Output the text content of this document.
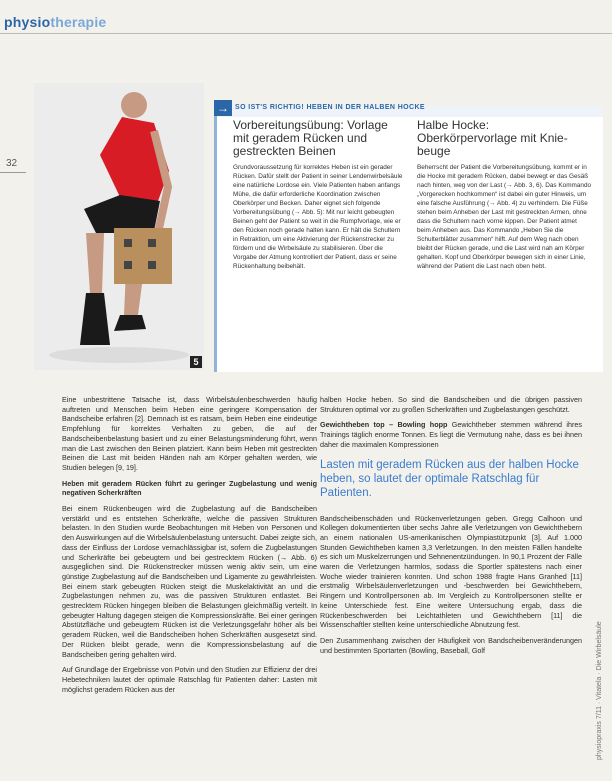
physiotherapie
32
5
→ SO IST'S RICHTIG! HEBEN IN DER HALBEN HOCKE
Vorbereitungsübung: Vorlage mit geradem Rücken und gestreckten Beinen

Grundvoraussetzung für korrektes Heben ist ein gerader Rücken. Dafür stellt der Patient in seiner Lendenwirbelsäule eine natürliche Lordose ein. Viele Patienten haben anfangs Mühe, die dafür erforderliche Koordination zwischen Oberkörper und Becken. Daher eignet sich folgende Vorbereitungsübung (→ Abb. 5): Mit nur leicht gebeugten Beinen geht der Patient so weit in die Rumpfvorlage, wie er den Rücken noch gerade halten kann. Er hält die Schultern in Retraktion, um eine Aktivierung der Rückenstrecker zu fördern und die Wirbelsäule zu stabilisieren. Über die Vorgabe der Atmung kontrolliert der Patient, dass er seine Rückenhaltung beibehält.

Halbe Hocke: Oberkörpervorlage mit Kniebeuge

Beherrscht der Patient die Vorbereitungsübung, kommt er in die Hocke mit geradem Rücken, dabei bewegt er das Gesäß nach hinten, weg von der Last (→ Abb. 3, 6). Das Kommando „Vorgerecken hochkommen“ ist dabei ein guter Hinweis, um eine falsche Ausführung (→ Abb. 4) zu verhindern. Die Füße stehen beim Anheben der Last mit gestreckten Armen, ohne dass die Schultern nach vorne kippen. Der Patient atmet beim Anheben aus. Das Kommando „Heben Sie die Schulterblätter zusammen“ hilft. Auf dem Weg nach oben bleibt der Rücken gerade, und die Last wird nah am Körper gehalten. Kopf und Oberkörper bewegen sich in einer Linie, während der Patient die Last nach oben hebt.

Eine unbestrittene Tatsache ist, dass Wirbelsäulenbeschwerden häufig auftreten und Menschen beim Heben eine geringere Kompensation der Bandscheibe erfahren [2]. Demnach ist es ratsam, beim Heben eine eindeutige Empfehlung für korrektes Verhalten zu geben, die auf der Bandscheibenbelastung basiert und zu einer Belastungsminderung führt, wenn man die Last zwischen den Beinen platziert. Kann beim Heben mit gestreckten Beinen die Last mit beiden Händen nah am Körper gehalten werden, wie Studien belegen [9, 19].

Heben mit geradem Rücken führt zu geringer Zugbelastung und wenig negativen Scherkräften

Bei einem Rückenbeugen wird die Zugbelastung auf die Bandscheiben verstärkt und es entstehen Scherkräfte, welche die passiven Strukturen belasten. In den Studien wurde Beobachtungen mit Heben von Personen und den Auswirkungen auf die Wirbelsäulenbelastung untersucht. Dabei zeigte sich, dass der Einfluss der Lordose vernachlässigbar ist, sofern die Zugbelastungen und Scherkräfte bei gebeugtem und bei gestrecktem Rücken (→ Abb. 6) ausgeglichen sind. Die Rückenstrecker müssen wenig aktiv sein, um eine günstige Zugbelastung auf die Bandscheiben und Ligamente zu gewährleisten. Bei einem stark gebeugten Rücken steigt die Muskelaktivität an und die Zugbelastungen nehmen zu, was die passiven Strukturen entlastet. Bei gestrecktem Rücken hingegen bleiben die Belastungen gleichmäßig verteilt. In gebeugter Haltung dagegen steigen die Kompressionskräfte. Bei einer geringen Abstützfläche und gebeugtem Rücken ist die Verletzungsgefahr höher als bei geradem Rücken, weil die Bandscheiben hohen Scherkräften ausgesetzt sind. Der Rücken bleibt gerade, wenn die Kompressionsbelastung auf die Bandscheiben gering gehalten wird.

Auf Grundlage der Ergebnisse von Potvin und den Studien zur Effizienz der drei Hebetechniken lautet der optimale Ratschlag für Patienten daher: Lasten mit möglichst geradem Rücken aus der

halben Hocke heben. So sind die Bandscheiben und die übrigen passiven Strukturen optimal vor zu großen Scherkräften und Zugbelastungen geschützt.

Gewichtheben top – Bowling hopp Gewichtheber stemmen während ihres Trainings täglich enorme Tonnen. Es liegt die Vermutung nahe, dass es bei ihnen daher die maximalen Kompressionen

Lasten mit geradem Rücken aus der halben Hocke heben, so lautet der optimale Ratschlag für Patienten.

Bandscheibenschäden und Rückenverletzungen geben. Gregg Calhoon und Kollegen dokumentierten über sechs Jahre alle Verletzungen von Gewichthebern an einem nationalen US-amerikanischen Olympiastützpunkt [3]. Auf 1.000 Stunden Gewichtheben kamen 3,3 Verletzungen. In den meisten Fällen handelte es sich um Muskelzerrungen und Sehnenentzündungen. In 90,1 Prozent der Fälle waren die Verletzungen harmlos, sodass die Sportler spätestens nach einer Woche wieder trainieren konnten. Und schon 1988 fragte Hans Granhed [11] erstmalig Wirbelsäulenverletzungen und -beschwerden bei Gewichthebern, Ringern und Kontrollpersonen ab. Im Vergleich zu Kontrollpersonen stellte er keine Unterschiede fest. Eine weitere Untersuchung ergab, dass die Rückenbeschwerden bei Leichtathleten und Gewichthebern [11] die Wissenschaftler stellten keine unterschiedliche Abnutzung fest.

Den Zusammenhang zwischen der Häufigkeit von Bandscheibenveränderungen und bestimmten Sportarten (Bowling, Baseball, Golf	physiopraxis 7/11 · Vitatela · Die Wirbelsäule
